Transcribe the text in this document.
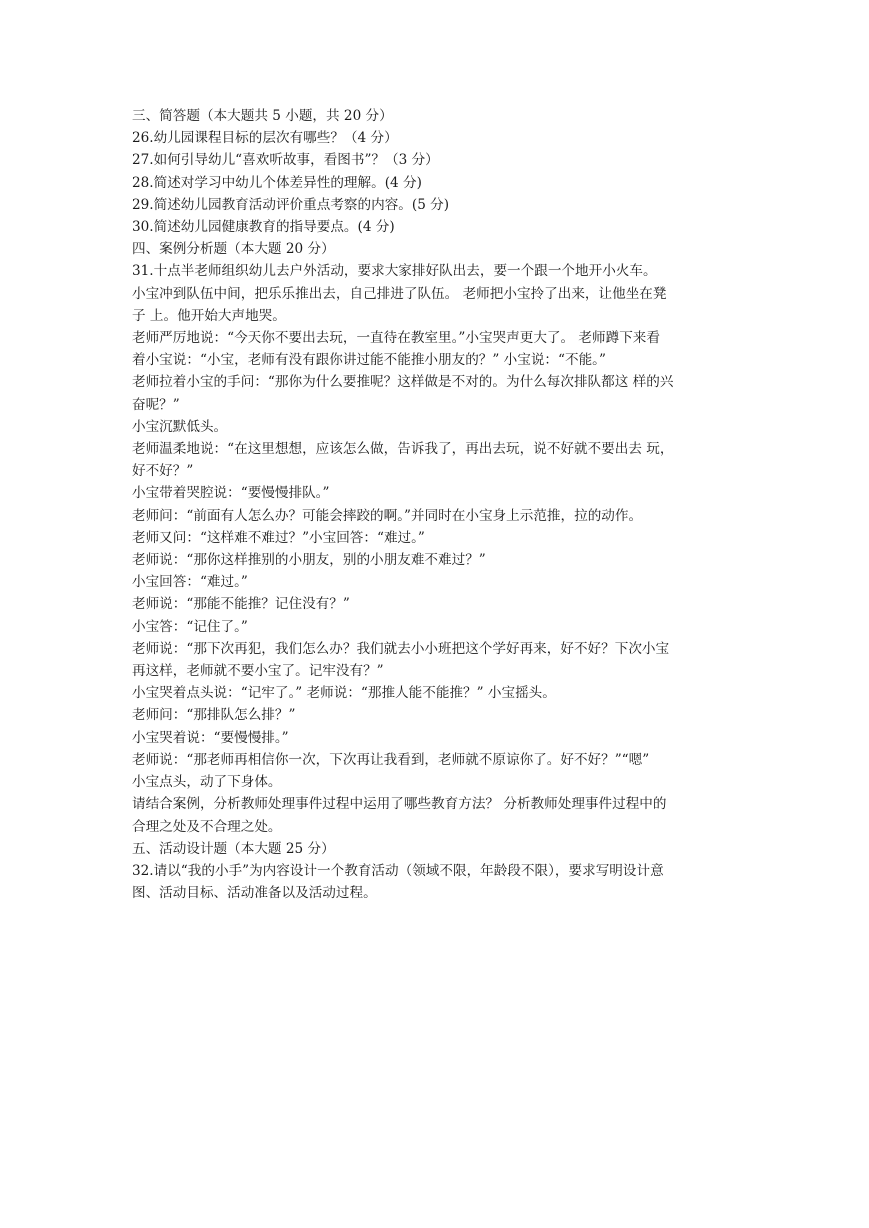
三、简答题（本大题共 5 小题，共 20 分）
26.幼儿园课程目标的层次有哪些？（4 分）
27.如何引导幼儿“喜欢听故事，看图书”？（3 分）
28.简述对学习中幼儿个体差异性的理解。(4 分)
29.简述幼儿园教育活动评价重点考察的内容。(5 分)
30.简述幼儿园健康教育的指导要点。(4 分)
四、案例分析题（本大题 20 分）
31.十点半老师组织幼儿去户外活动，要求大家排好队出去，要一个跟一个地开小火车。
小宝冲到队伍中间，把乐乐推出去，自己排进了队伍。 老师把小宝拎了出来，让他坐在凳
子 上。他开始大声地哭。
老师严厉地说：“今天你不要出去玩，一直待在教室里。”小宝哭声更大了。 老师蹲下来看
着小宝说：“小宝，老师有没有跟你讲过能不能推小朋友的？” 小宝说：“不能。”
老师拉着小宝的手问：“那你为什么要推呢？这样做是不对的。为什么每次排队都这 样的兴
奋呢？”
小宝沉默低头。
老师温柔地说：“在这里想想，应该怎么做，告诉我了，再出去玩，说不好就不要出去 玩，
好不好？”
小宝带着哭腔说：“要慢慢排队。”
老师问：“前面有人怎么办？可能会摔跤的啊。”并同时在小宝身上示范推，拉的动作。
老师又问：“这样难不难过？”小宝回答：“难过。”
老师说：“那你这样推别的小朋友，别的小朋友难不难过？”
小宝回答：“难过。”
老师说：“那能不能推？记住没有？”
小宝答：“记住了。”
老师说：“那下次再犯，我们怎么办？我们就去小小班把这个学好再来，好不好？下次小宝
再这样，老师就不要小宝了。记牢没有？”
小宝哭着点头说：“记牢了。” 老师说：“那推人能不能推？” 小宝摇头。
老师问：“那排队怎么排？”
小宝哭着说：“要慢慢排。”
老师说：“那老师再相信你一次，下次再让我看到，老师就不原谅你了。好不好？”“嗯”
小宝点头，动了下身体。
请结合案例，分析教师处理事件过程中运用了哪些教育方法？ 分析教师处理事件过程中的
合理之处及不合理之处。
五、活动设计题（本大题 25 分）
32.请以“我的小手”为内容设计一个教育活动（领域不限，年龄段不限），要求写明设计意
图、活动目标、活动准备以及活动过程。
